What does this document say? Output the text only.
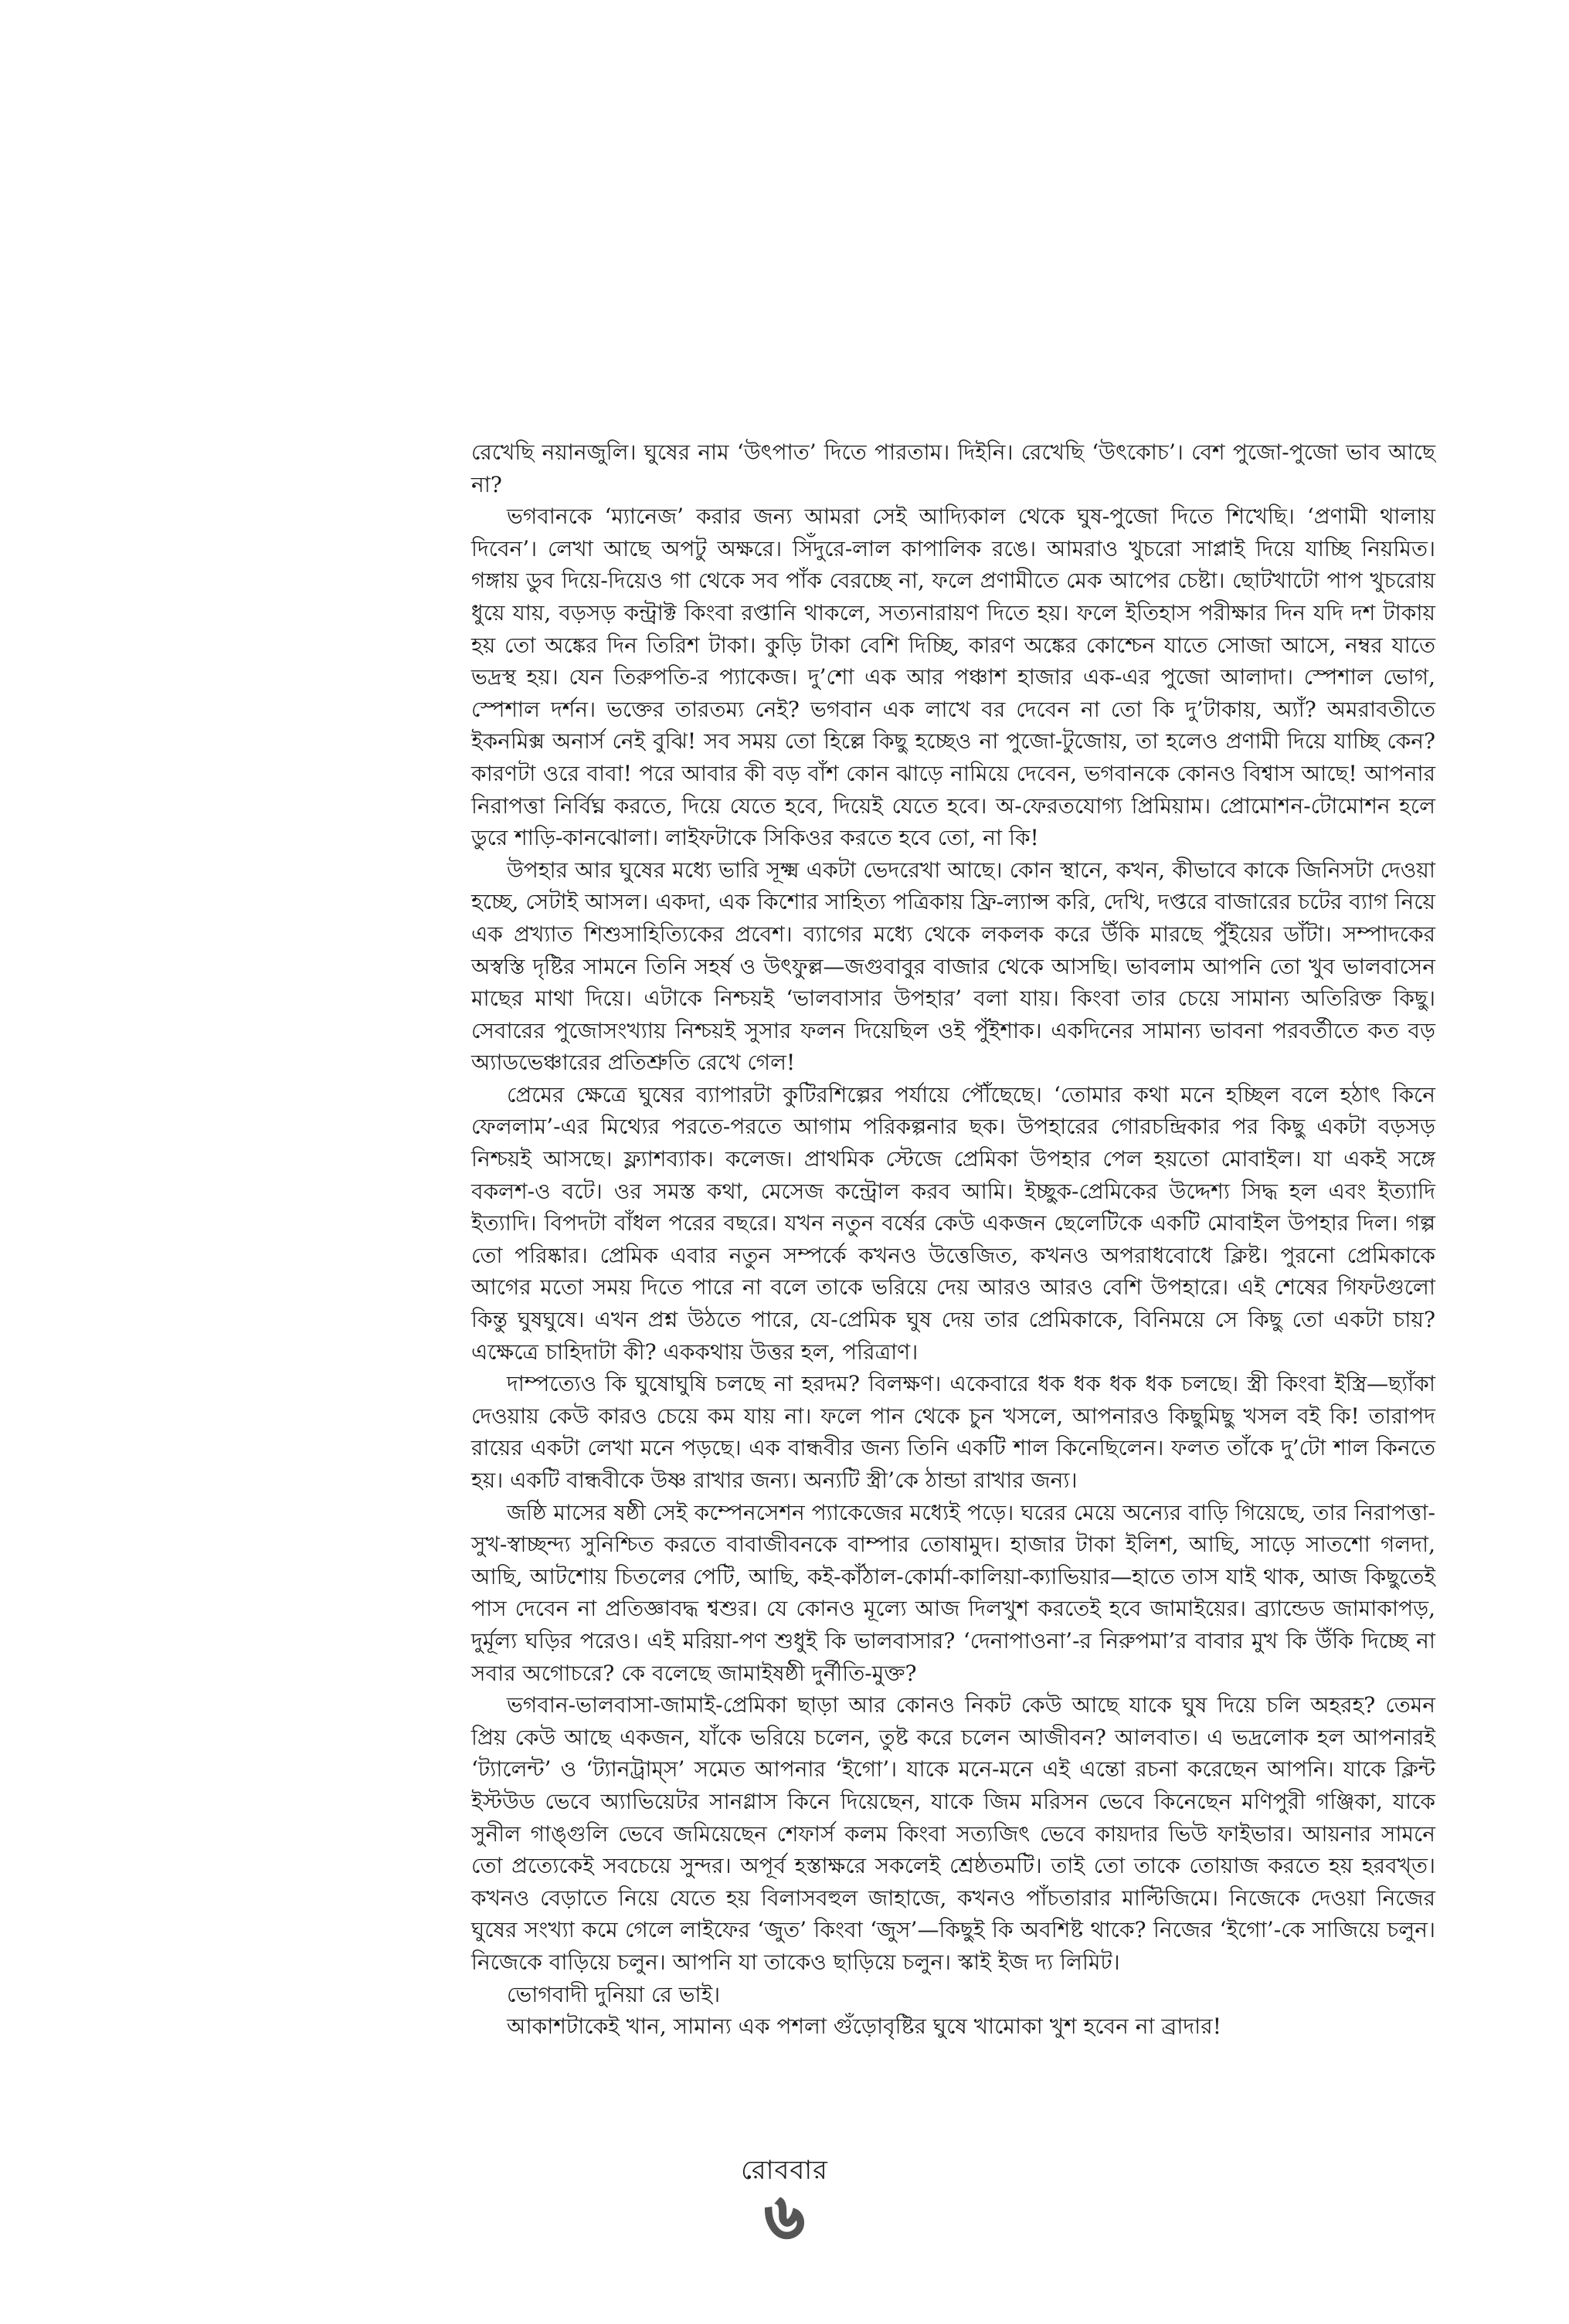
রেখেছি নয়ানজুলি। ঘুষের নাম ‘উৎপাত’ দিতে পারতাম। দিইনি। রেখেছি ‘উৎকোচ’। বেশ পুজো-পুজো ভাব আছে না?

ভগবানকে ‘ম্যানেজ’ করার জন্য আমরা সেই আদ্যিকাল থেকে ঘুষ-পুজো দিতে শিখেছি। ‘প্রণামী থালায় দিবেন’। লেখা আছে অপটু অক্ষরে। সিঁদুরে-লাল কাপালিক রঙে। আমরাও খুচরো সাপ্লাই দিয়ে যাচ্ছি নিয়মিত। গঙ্গায় ডুব দিয়ে-দিয়েও গা থেকে সব পাঁক বেরচ্ছে না, ফলে প্রণামীতে মেক আপের চেষ্টা। ছোটখাটো পাপ খুচরোয় ধুয়ে যায়, বড়সড় কন্ট্রাক্ট কিংবা রপ্তানি থাকলে, সত্যনারায়ণ দিতে হয়। ফলে ইতিহাস পরীক্ষার দিন যদি দশ টাকায় হয় তো অঙ্কের দিন তিরিশ টাকা। কুড়ি টাকা বেশি দিচ্ছি, কারণ অঙ্কের কোশ্চেন যাতে সোজা আসে, নম্বর যাতে ভদ্রস্থ হয়। যেন তিরুপতি-র প্যাকেজ। দু’শো এক আর পঞ্চাশ হাজার এক-এর পুজো আলাদা। স্পেশাল ভোগ, স্পেশাল দর্শন। ভক্তের তারতম্য নেই? ভগবান এক লাখে বর দেবেন না তো কি দু’টাকায়, অ্যাঁ? অমরাবতীতে ইকনমিক্স অনার্স নেই বুঝি! সব সময় তো হিল্লে কিছু হচ্ছেও না পুজো-টুজোয়, তা হলেও প্রণামী দিয়ে যাচ্ছি কেন? কারণটা ওরে বাবা! পরে আবার কী বড় বাঁশ কোন ঝাড়ে নামিয়ে দেবেন, ভগবানকে কোনও বিশ্বাস আছে! আপনার নিরাপত্তা নির্বিঘ্ন করতে, দিয়ে যেতে হবে, দিয়েই যেতে হবে। অ-ফেরতযোগ্য প্রিমিয়াম। প্রোমোশন-টোমোশন হলে ডুরে শাড়ি-কানঝোলা। লাইফটাকে সিকিওর করতে হবে তো, না কি!

উপহার আর ঘুষের মধ্যে ভারি সূক্ষ্ম একটা ভেদরেখা আছে। কোন স্থানে, কখন, কীভাবে কাকে জিনিসটা দেওয়া হচ্ছে, সেটাই আসল। একদা, এক কিশোর সাহিত্য পত্রিকায় ফ্রি-ল্যান্স করি, দেখি, দপ্তরে বাজারের চটের ব্যাগ নিয়ে এক প্রখ্যাত শিশুসাহিত্যিকের প্রবেশ। ব্যাগের মধ্যে থেকে লকলক করে উঁকি মারছে পুঁইয়ের ডাঁটা। সম্পাদকের অস্বস্তি দৃষ্টির সামনে তিনি সহর্ষ ও উৎফুল্ল—জগুবাবুর বাজার থেকে আসছি। ভাবলাম আপনি তো খুব ভালবাসেন মাছের মাথা দিয়ে। এটাকে নিশ্চয়ই ‘ভালবাসার উপহার’ বলা যায়। কিংবা তার চেয়ে সামান্য অতিরিক্ত কিছু। সেবারের পুজোসংখ্যায় নিশ্চয়ই সুসার ফলন দিয়েছিল ওই পুঁইশাক। একদিনের সামান্য ভাবনা পরবর্তীতে কত বড় অ্যাডভেঞ্চারের প্রতিশ্রুতি রেখে গেল!

প্রেমের ক্ষেত্রে ঘুষের ব্যাপারটা কুটিরশিল্পের পর্যায়ে পৌঁছেছে। ‘তোমার কথা মনে হচ্ছিল বলে হঠাৎ কিনে ফেললাম’-এর মিথ্যের পরতে-পরতে আগাম পরিকল্পনার ছক। উপহারের গোরচন্দ্রিকার পর কিছু একটা বড়সড় নিশ্চয়ই আসছে। ফ্ল্যাশব্যাক। কলেজ। প্রাথমিক স্টেজে প্রেমিকা উপহার পেল হয়তো মোবাইল। যা একই সঙ্গে বকলশ-ও বটে। ওর সমস্ত কথা, মেসেজ কন্ট্রোল করব আমি। ইচ্ছুক-প্রেমিকের উদ্দেশ্য সিদ্ধ হল এবং ইত্যাদি ইত্যাদি। বিপদটা বাঁধল পরের বছরে। যখন নতুন বর্ষের কেউ একজন ছেলেটিকে একটি মোবাইল উপহার দিল। গল্প তো পরিষ্কার। প্রেমিক এবার নতুন সম্পর্কে কখনও উত্তেজিত, কখনও অপরাধবোধে ক্লিষ্ট। পুরনো প্রেমিকাকে আগের মতো সময় দিতে পারে না বলে তাকে ভরিয়ে দেয় আরও আরও বেশি উপহারে। এই শেষের গিফটগুলো কিন্তু ঘুষঘুষে। এখন প্রশ্ন উঠতে পারে, যে-প্রেমিক ঘুষ দেয় তার প্রেমিকাকে, বিনিময়ে সে কিছু তো একটা চায়? এক্ষেত্রে চাহিদাটা কী? এককথায় উত্তর হল, পরিত্রাণ।

দাম্পত্যেও কি ঘুষোঘুষি চলছে না হরদম? বিলক্ষণ। একেবারে ধক ধক ধক ধক চলছে। স্ত্রী কিংবা ইস্ত্রি—ছ্যাঁকা দেওয়ায় কেউ কারও চেয়ে কম যায় না। ফলে পান থেকে চুন খসলে, আপনারও কিছুমিছু খসল বই কি! তারাপদ রায়ের একটা লেখা মনে পড়ছে। এক বান্ধবীর জন্য তিনি একটি শাল কিনেছিলেন। ফলত তাঁকে দু’টো শাল কিনতে হয়। একটি বান্ধবীকে উষ্ণ রাখার জন্য। অন্যটি স্ত্রী’কে ঠান্ডা রাখার জন্য।

জষ্ঠি মাসের ষষ্ঠী সেই কম্পেনসেশন প্যাকেজের মধ্যেই পড়ে। ঘরের মেয়ে অন্যের বাড়ি গিয়েছে, তার নিরাপত্তা-সুখ-স্বাচ্ছন্দ্য সুনিশ্চিত করতে বাবাজীবনকে বাম্পার তোষামুদ। হাজার টাকা ইলিশ, আছি, সাড়ে সাতশো গলদা, আছি, আটশোয় চিতলের পেটি, আছি, কই-কাঁঠাল-কোর্মা-কালিয়া-ক্যাভিয়ার—হাতে তাস যাই থাক, আজ কিছুতেই পাস দেবেন না প্রতিজ্ঞাবদ্ধ শ্বশুর। যে কোনও মূল্যে আজ দিলখুশ করতেই হবে জামাইয়ের। ব্র্যান্ডেড জামাকাপড়, দুর্মূল্য ঘড়ির পরেও। এই মরিয়া-পণ শুধুই কি ভালবাসার? ‘দেনাপাওনা’-র নিরুপমা’র বাবার মুখ কি উঁকি দিচ্ছে না সবার অগোচরে? কে বলেছে জামাইষষ্ঠী দুর্নীতি-মুক্ত?

ভগবান-ভালবাসা-জামাই-প্রেমিকা ছাড়া আর কোনও নিকট কেউ আছে যাকে ঘুষ দিয়ে চলি অহরহ? তেমন প্রিয় কেউ আছে একজন, যাঁকে ভরিয়ে চলেন, তুষ্ট করে চলেন আজীবন? আলবাত। এ ভদ্রলোক হল আপনারই ‘ট্যালেন্ট’ ও ‘ট্যানট্রাম্‌স’ সমেত আপনার ‘ইগো’। যাকে মনে-মনে এই এন্তো রচনা করেছেন আপনি। যাকে ক্লিন্ট ইস্টউড ভেবে অ্যাভিয়েটর সানগ্লাস কিনে দিয়েছেন, যাকে জিম মরিসন ভেবে কিনেছেন মণিপুরী গঞ্জিকা, যাকে সুনীল গাঙ্গুলি ভেবে জমিয়েছেন শেফার্স কলম কিংবা সত্যজিৎ ভেবে কায়দার ভিউ ফাইভার। আয়নার সামনে তো প্রত্যেকেই সবচেয়ে সুন্দর। অপূর্ব হস্তাক্ষরে সকলেই শ্রেষ্ঠতমটি। তাই তো তাকে তোয়াজ করতে হয় হরবখ্‌ত। কখনও বেড়াতে নিয়ে যেতে হয় বিলাসবহুল জাহাজে, কখনও পাঁচতারার মাল্টিজিমে। নিজেকে দেওয়া নিজের ঘুষের সংখ্যা কমে গেলে লাইফের ‘জুত’ কিংবা ‘জুস’—কিছুই কি অবশিষ্ট থাকে? নিজের ‘ইগো’-কে সাজিয়ে চলুন। নিজেকে বাড়িয়ে চলুন। আপনি যা তাকেও ছাড়িয়ে চলুন। স্কাই ইজ দ্য লিমিট।

ভোগবাদী দুনিয়া রে ভাই।

আকাশটাকেই খান, সামান্য এক পশলা গুঁড়োবৃষ্টির ঘুষে খামোকা খুশ হবেন না ব্রাদার!

রোববার
৬
